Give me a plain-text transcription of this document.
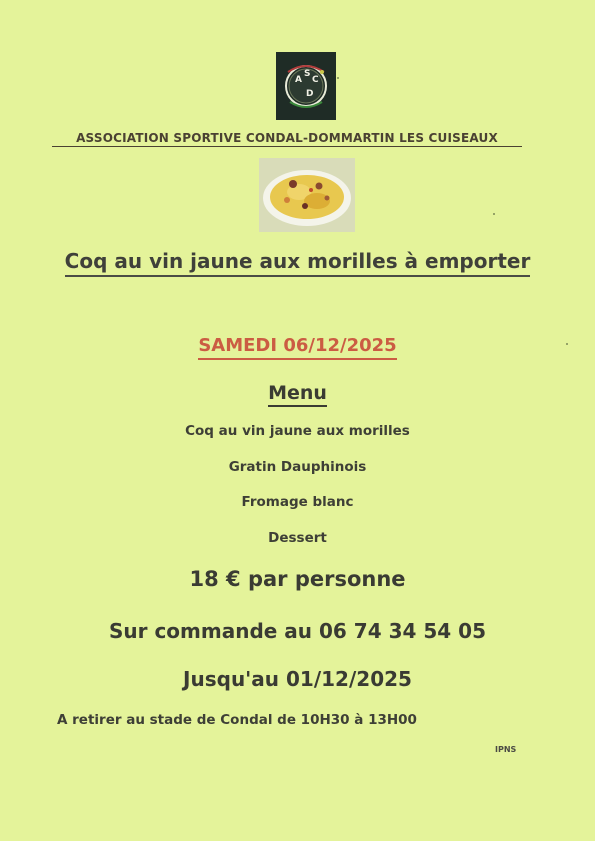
A
S
C
D
ASSOCIATION SPORTIVE CONDAL-DOMMARTIN LES CUISEAUX
Coq au vin jaune aux morilles à emporter
SAMEDI 06/12/2025
Menu
Coq au vin jaune aux morilles
Gratin Dauphinois
Fromage blanc
Dessert
18 € par personne
Sur commande au 06 74 34 54 05
Jusqu'au 01/12/2025
A retirer au stade de Condal de 10H30 à 13H00
IPNS
